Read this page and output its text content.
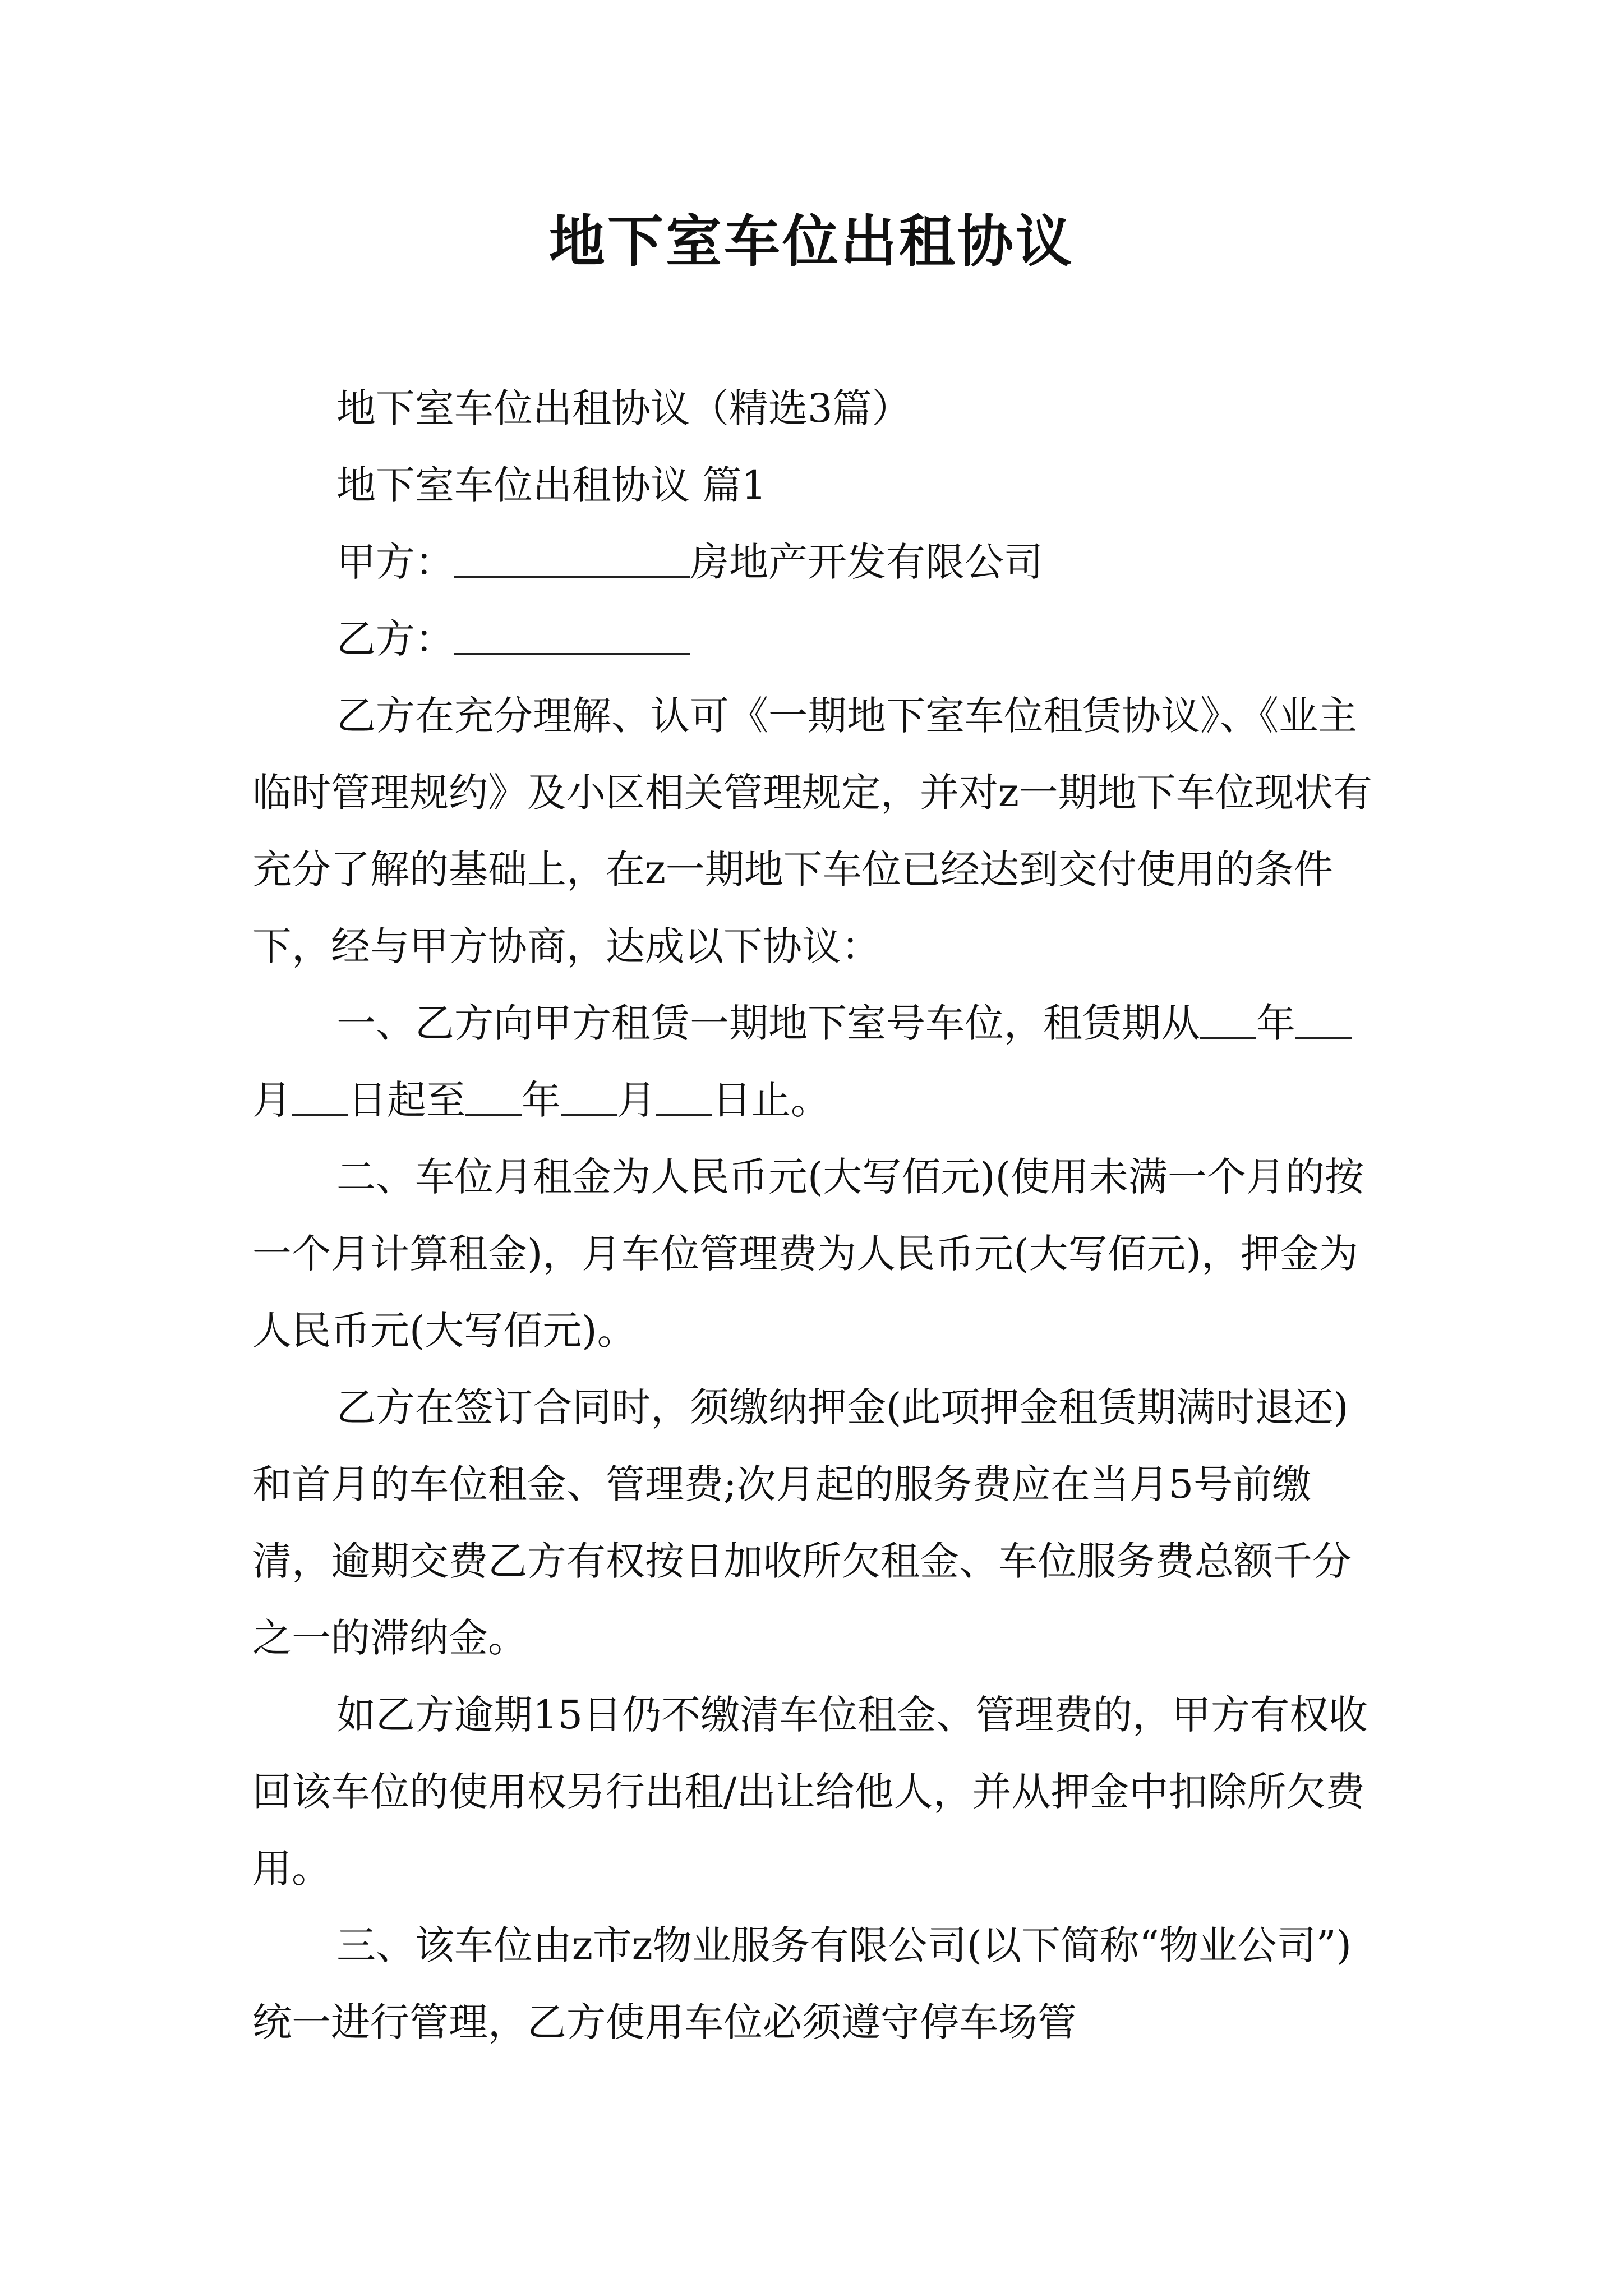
地下室车位出租协议

地下室车位出租协议（精选3篇）

地下室车位出租协议 篇1

甲方：	房地产开发有限公司

乙方：

乙方在充分理解、认可《一期地下室车位租赁协议》、《业主临时管理规约》及小区相关管理规定，并对z一期地下车位现状有充分了解的基础上，在z一期地下车位已经达到交付使用的条件下，经与甲方协商，达成以下协议：

一、乙方向甲方租赁一期地下室号车位，租赁期从 年月 日起至 年 月 日止。

二、车位月租金为人民币元(大写佰元)(使用未满一个月的按一个月计算租金)，月车位管理费为人民币元(大写佰元)，押金为人民币元(大写佰元)。

乙方在签订合同时，须缴纳押金(此项押金租赁期满时退还)和首月的车位租金、管理费;次月起的服务费应在当月5号前缴清，逾期交费乙方有权按日加收所欠租金、车位服务费总额千分之一的滞纳金。

如乙方逾期15日仍不缴清车位租金、管理费的，甲方有权收回该车位的使用权另行出租/出让给他人，并从押金中扣除所欠费用。

三、该车位由z市z物业服务有限公司(以下简称“物业公司”)统一进行管理，乙方使用车位必须遵守停车场管
